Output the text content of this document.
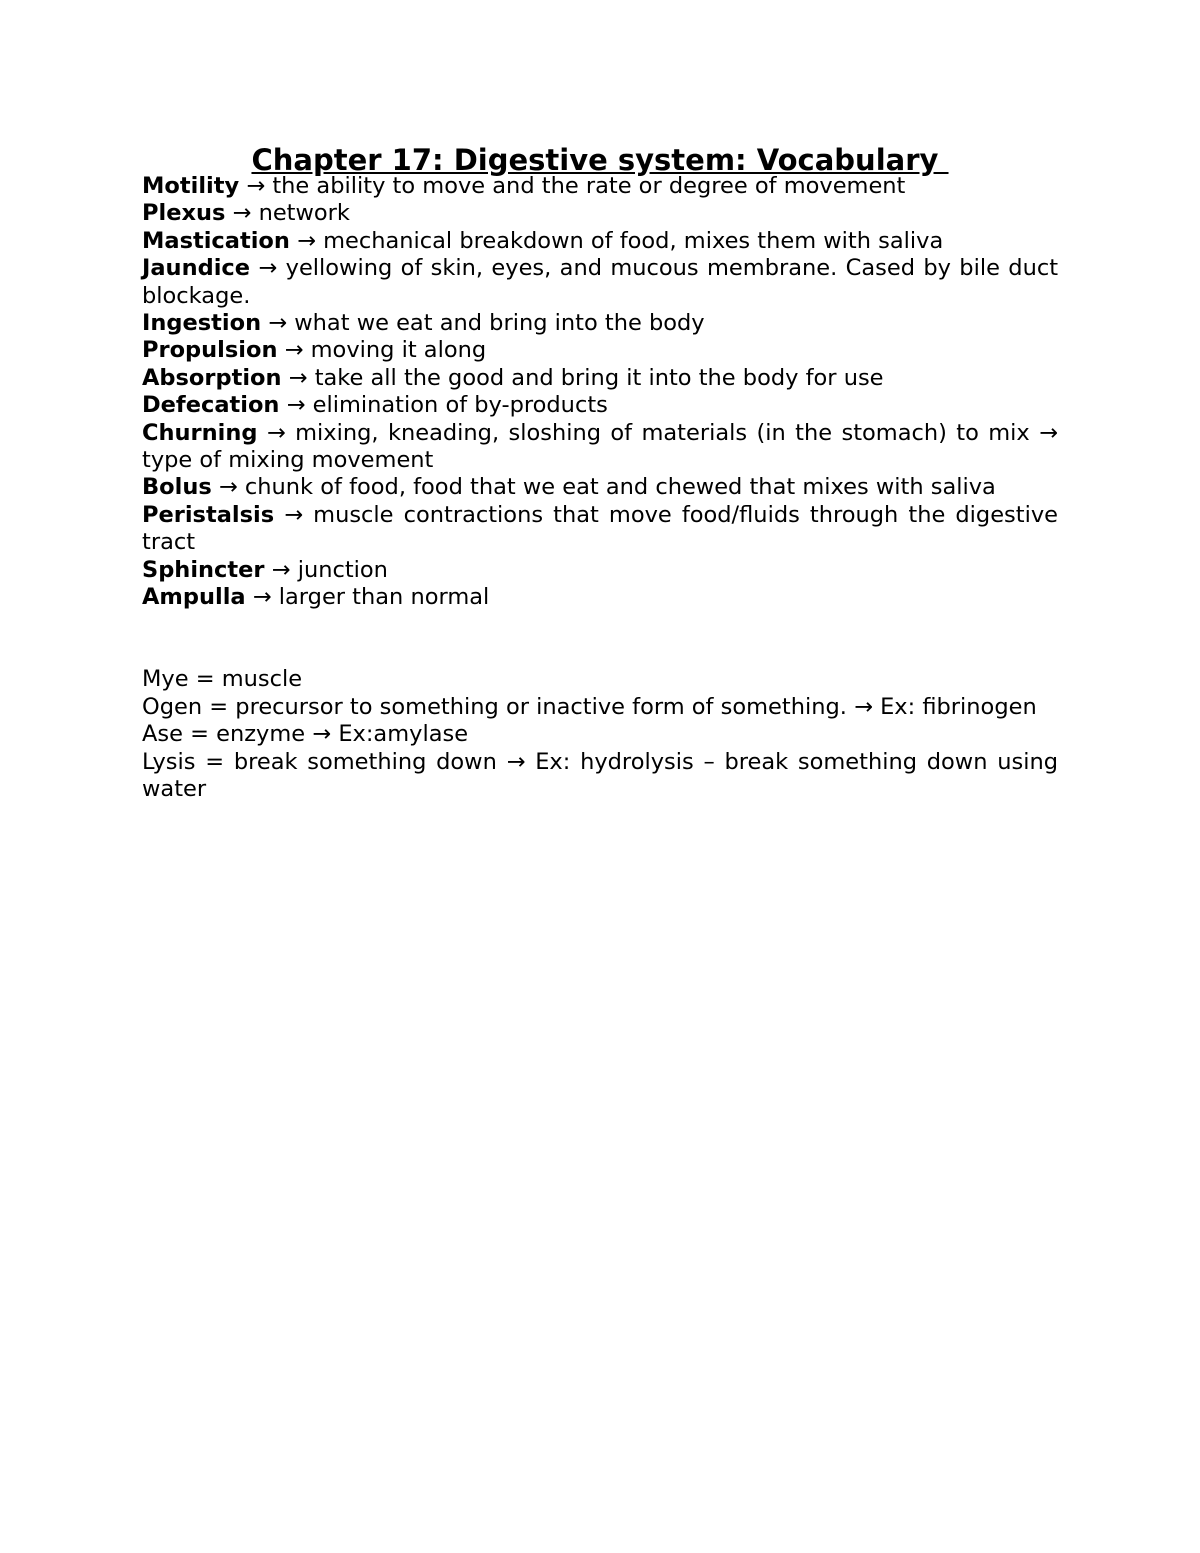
Chapter 17: Digestive system: Vocabulary

Motility → the ability to move and the rate or degree of movement

Plexus → network

Mastication → mechanical breakdown of food, mixes them with saliva

Jaundice → yellowing of skin, eyes, and mucous membrane. Cased by bile duct blockage.

Ingestion → what we eat and bring into the body

Propulsion → moving it along

Absorption → take all the good and bring it into the body for use

Defecation → elimination of by-products

Churning → mixing, kneading, sloshing of materials (in the stomach) to mix → type of mixing movement

Bolus → chunk of food, food that we eat and chewed that mixes with saliva

Peristalsis → muscle contractions that move food/fluids through the digestive tract

Sphincter → junction

Ampulla → larger than normal

Mye = muscle

Ogen = precursor to something or inactive form of something. → Ex: fibrinogen

Ase = enzyme → Ex:amylase

Lysis = break something down → Ex: hydrolysis – break something down using water
